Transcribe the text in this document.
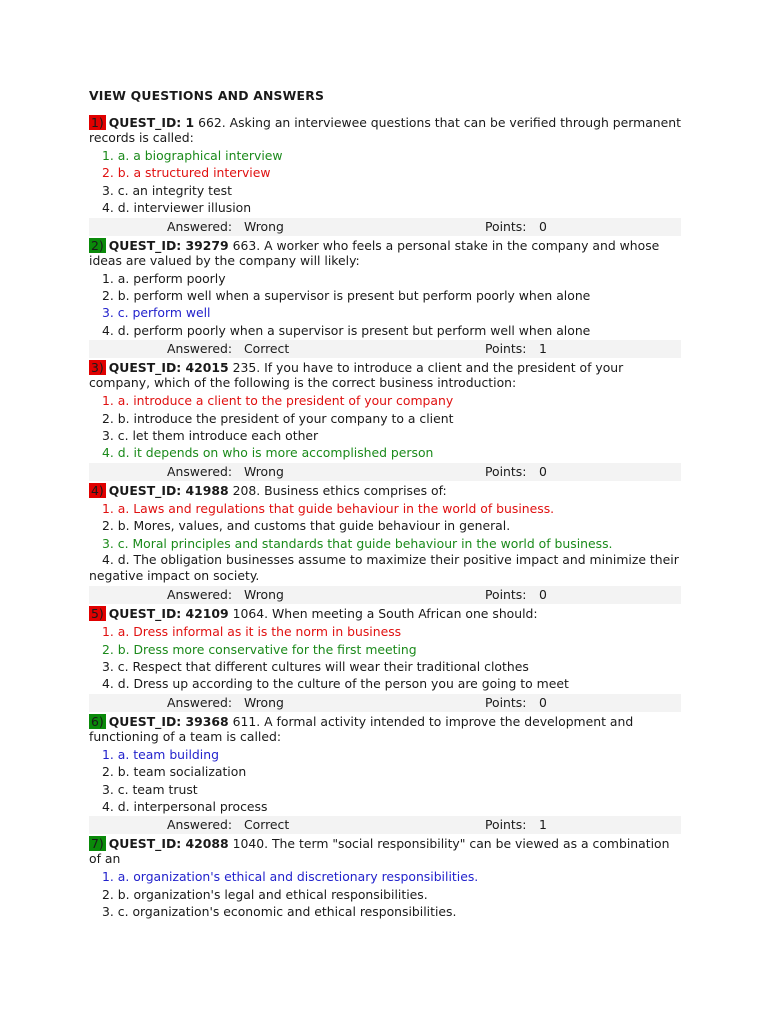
VIEW QUESTIONS AND ANSWERS
1) QUEST_ID: 1 662. Asking an interviewee questions that can be verified through permanent records is called:
1. a. a biographical interview
2. b. a structured interview
3. c. an integrity test
4. d. interviewer illusion
Answered: Wrong	Points: 0
2) QUEST_ID: 39279 663. A worker who feels a personal stake in the company and whose ideas are valued by the company will likely:
1. a. perform poorly
2. b. perform well when a supervisor is present but perform poorly when alone
3. c. perform well
4. d. perform poorly when a supervisor is present but perform well when alone
Answered: Correct	Points: 1
3) QUEST_ID: 42015 235. If you have to introduce a client and the president of your company, which of the following is the correct business introduction:
1. a. introduce a client to the president of your company
2. b. introduce the president of your company to a client
3. c. let them introduce each other
4. d. it depends on who is more accomplished person
Answered: Wrong	Points: 0
4) QUEST_ID: 41988 208. Business ethics comprises of:
1. a. Laws and regulations that guide behaviour in the world of business.
2. b. Mores, values, and customs that guide behaviour in general.
3. c. Moral principles and standards that guide behaviour in the world of business.
4. d. The obligation businesses assume to maximize their positive impact and minimize their negative impact on society.
Answered: Wrong	Points: 0
5) QUEST_ID: 42109 1064. When meeting a South African one should:
1. a. Dress informal as it is the norm in business
2. b. Dress more conservative for the first meeting
3. c. Respect that different cultures will wear their traditional clothes
4. d. Dress up according to the culture of the person you are going to meet
Answered: Wrong	Points: 0
6) QUEST_ID: 39368 611. A formal activity intended to improve the development and functioning of a team is called:
1. a. team building
2. b. team socialization
3. c. team trust
4. d. interpersonal process
Answered: Correct	Points: 1
7) QUEST_ID: 42088 1040. The term "social responsibility" can be viewed as a combination of an
1. a. organization's ethical and discretionary responsibilities.
2. b. organization's legal and ethical responsibilities.
3. c. organization's economic and ethical responsibilities.
